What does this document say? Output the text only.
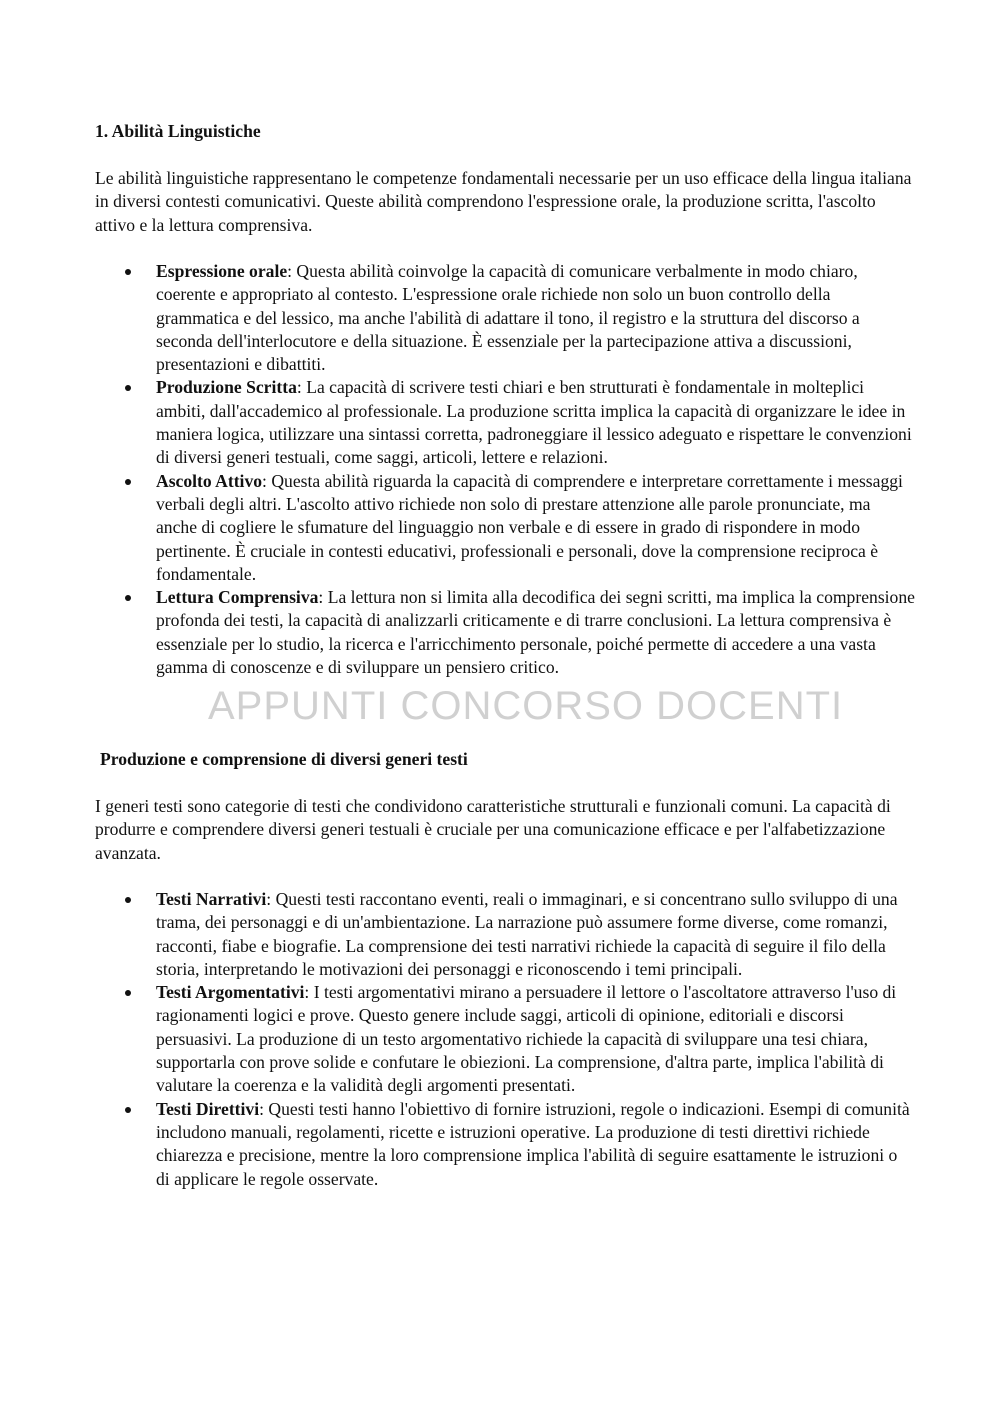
APPUNTI CONCORSO DOCENTI
1. Abilità Linguistiche

Le abilità linguistiche rappresentano le competenze fondamentali necessarie per un uso efficace della lingua italiana in diversi contesti comunicativi. Queste abilità comprendono l'espressione orale, la produzione scritta, l'ascolto attivo e la lettura comprensiva.

Espressione orale: Questa abilità coinvolge la capacità di comunicare verbalmente in modo chiaro, coerente e appropriato al contesto. L'espressione orale richiede non solo un buon controllo della grammatica e del lessico, ma anche l'abilità di adattare il tono, il registro e la struttura del discorso a seconda dell'interlocutore e della situazione. È essenziale per la partecipazione attiva a discussioni, presentazioni e dibattiti.
Produzione Scritta: La capacità di scrivere testi chiari e ben strutturati è fondamentale in molteplici ambiti, dall'accademico al professionale. La produzione scritta implica la capacità di organizzare le idee in maniera logica, utilizzare una sintassi corretta, padroneggiare il lessico adeguato e rispettare le convenzioni di diversi generi testuali, come saggi, articoli, lettere e relazioni.
Ascolto Attivo: Questa abilità riguarda la capacità di comprendere e interpretare correttamente i messaggi verbali degli altri. L'ascolto attivo richiede non solo di prestare attenzione alle parole pronunciate, ma anche di cogliere le sfumature del linguaggio non verbale e di essere in grado di rispondere in modo pertinente. È cruciale in contesti educativi, professionali e personali, dove la comprensione reciproca è fondamentale.
Lettura Comprensiva: La lettura non si limita alla decodifica dei segni scritti, ma implica la comprensione profonda dei testi, la capacità di analizzarli criticamente e di trarre conclusioni. La lettura comprensiva è essenziale per lo studio, la ricerca e l'arricchimento personale, poiché permette di accedere a una vasta gamma di conoscenze e di sviluppare un pensiero critico.
Produzione e comprensione di diversi generi testi

I generi testi sono categorie di testi che condividono caratteristiche strutturali e funzionali comuni. La capacità di produrre e comprendere diversi generi testuali è cruciale per una comunicazione efficace e per l'alfabetizzazione avanzata.

Testi Narrativi: Questi testi raccontano eventi, reali o immaginari, e si concentrano sullo sviluppo di una trama, dei personaggi e di un'ambientazione. La narrazione può assumere forme diverse, come romanzi, racconti, fiabe e biografie. La comprensione dei testi narrativi richiede la capacità di seguire il filo della storia, interpretando le motivazioni dei personaggi e riconoscendo i temi principali.
Testi Argomentativi: I testi argomentativi mirano a persuadere il lettore o l'ascoltatore attraverso l'uso di ragionamenti logici e prove. Questo genere include saggi, articoli di opinione, editoriali e discorsi persuasivi. La produzione di un testo argomentativo richiede la capacità di sviluppare una tesi chiara, supportarla con prove solide e confutare le obiezioni. La comprensione, d'altra parte, implica l'abilità di valutare la coerenza e la validità degli argomenti presentati.
Testi Direttivi: Questi testi hanno l'obiettivo di fornire istruzioni, regole o indicazioni. Esempi di comunità includono manuali, regolamenti, ricette e istruzioni operative. La produzione di testi direttivi richiede chiarezza e precisione, mentre la loro comprensione implica l'abilità di seguire esattamente le istruzioni o di applicare le regole osservate.
